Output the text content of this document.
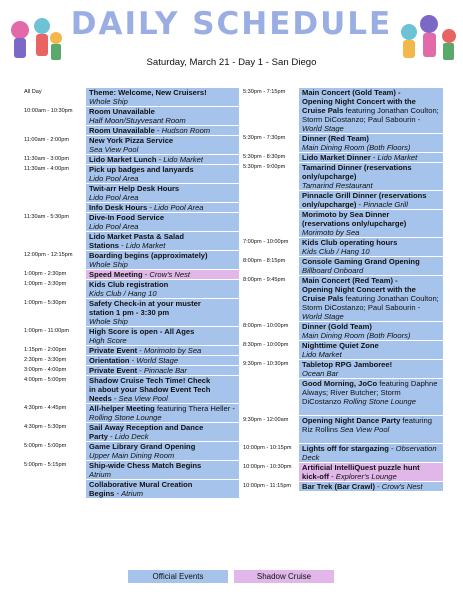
DAILY SCHEDULE
Saturday, March 21 - Day 1 - San Diego
All Day	Theme: Welcome, New Cruisers!
Whole Ship
10:00am - 10:30pm	Room Unavailable
Half Moon/Stuyvesant Room
Room Unavailable - Hudson Room
11:00am - 2:00pm	New York Pizza Service
Sea View Pool
11:30am - 3:00pm	Lido Market Lunch - Lido Market
11:30am - 4:00pm	Pick up badges and lanyards
Lido Pool Area
Twit-arr Help Desk Hours
Lido Pool Area
Info Desk Hours - Lido Pool Area
11:30am - 5:30pm	Dive-In Food Service
Lido Pool Area
Lido Market Pasta & Salad
Stations - Lido Market
12:00pm - 12:15pm	Boarding begins (approximately)
Whole Ship
1:00pm - 2:30pm	Speed Meeting - Crow's Nest
1:00pm - 3:30pm	Kids Club registration
Kids Club / Hang 10
1:00pm - 5:30pm	Safety Check-in at your muster
station 1 pm - 3:30 pm
Whole Ship
1:00pm - 11:00pm	High Score is open - All Ages
High Score
1:15pm - 2:00pm	Private Event - Morimoto by Sea
2:30pm - 3:30pm	Orientation - World Stage
3:00pm - 4:00pm	Private Event - Pinnacle Bar
4:00pm - 5:00pm	Shadow Cruise Tech Time! Check
in about your Shadow Event Tech
Needs - Sea View Pool
4:30pm - 4:45pm	All-helper Meeting featuring Thera Heller - Rolling Stone Lounge
4:30pm - 5:30pm	Sail Away Reception and Dance
Party - Lido Deck
5:00pm - 5:00pm	Game Library Grand Opening
Upper Main Dining Room
5:00pm - 5:15pm	Ship-wide Chess Match Begins
Atrium
Collaborative Mural Creation
Begins - Atrium
5:30pm - 7:15pm	Main Concert (Gold Team) -
Opening Night Concert with the
Cruise Pals featuring Jonathan Coulton; Storm DiCostanzo; Paul Sabourin - World Stage
5:30pm - 7:30pm	Dinner (Red Team)
Main Dining Room (Both Floors)
5:30pm - 8:30pm	Lido Market Dinner - Lido Market
5:30pm - 9:00pm	Tamarind Dinner (reservations
only/upcharge)
Tamarind Restaurant
Pinnacle Grill Dinner (reservations
only/upcharge) - Pinnacle Grill
Morimoto by Sea Dinner
(reservations only/upcharge)
Morimoto by Sea
7:00pm - 10:00pm	Kids Club operating hours
Kids Club / Hang 10
8:00pm - 8:15pm	Console Gaming Grand Opening
Billboard Onboard
8:00pm - 9:45pm	Main Concert (Red Team) -
Opening Night Concert with the
Cruise Pals featuring Jonathan Coulton; Storm DiCostanzo; Paul Sabourin - World Stage
8:00pm - 10:00pm	Dinner (Gold Team)
Main Dining Room (Both Floors)
8:30pm - 10:00pm	Nighttime Quiet Zone
Lido Market
9:30pm - 10:30pm	Tabletop RPG Jamboree!
Ocean Bar
Good Morning, JoCo featuring Daphne Always; River Butcher; Storm DiCostanzo Rolling Stone Lounge
9:30pm - 12:00am	Opening Night Dance Party featuring Riz Rollins Sea View Pool
10:00pm - 10:15pm	Lights off for stargazing - Observation Deck
10:00pm - 10:30pm	Artificial IntelliQuest puzzle hunt
kick-off - Explorer's Lounge
10:00pm - 11:15pm	Bar Trek (Bar Crawl) - Crow's Nest
Official Events	Shadow Cruise
